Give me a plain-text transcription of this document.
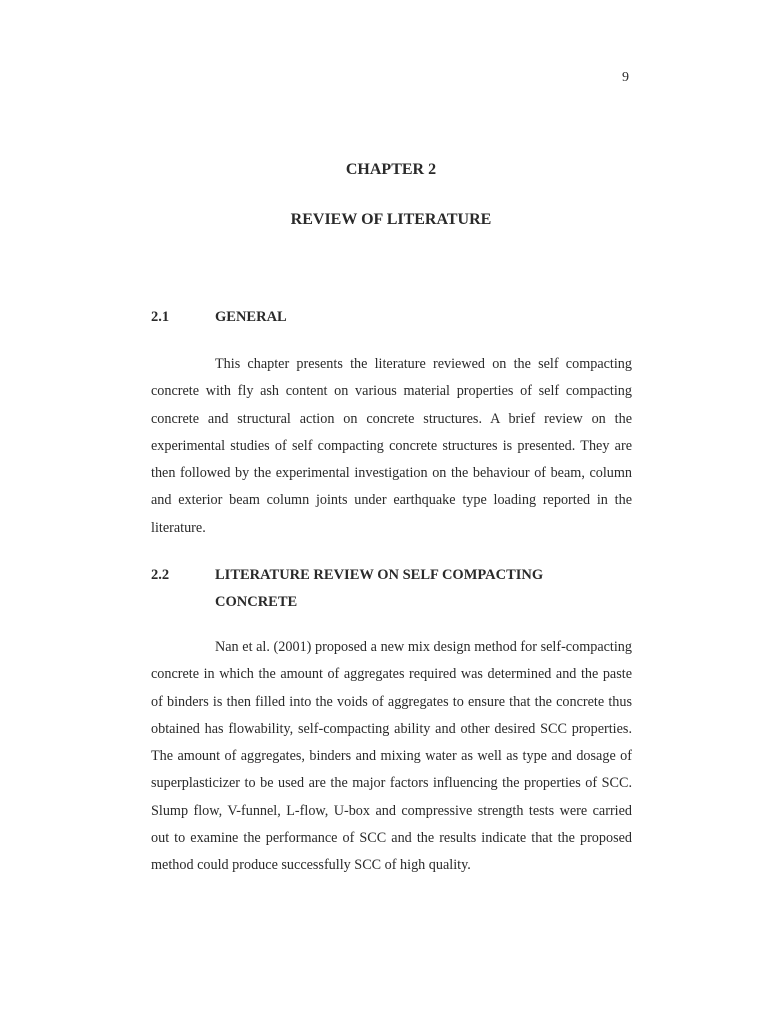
9
CHAPTER 2
REVIEW OF LITERATURE
2.1	GENERAL

This chapter presents the literature reviewed on the self compacting concrete with fly ash content on various material properties of self compacting concrete and structural action on concrete structures. A brief review on the experimental studies of self compacting concrete structures is presented. They are then followed by the experimental investigation on the behaviour of beam, column and exterior beam column joints under earthquake type loading reported in the literature.

2.2	LITERATURE REVIEW ON SELF COMPACTING CONCRETE

Nan et al. (2001) proposed a new mix design method for self-compacting concrete in which the amount of aggregates required was determined and the paste of binders is then filled into the voids of aggregates to ensure that the concrete thus obtained has flowability, self-compacting ability and other desired SCC properties. The amount of aggregates, binders and mixing water as well as type and dosage of superplasticizer to be used are the major factors influencing the properties of SCC. Slump flow, V-funnel, L-flow, U-box and compressive strength tests were carried out to examine the performance of SCC and the results indicate that the proposed method could produce successfully SCC of high quality.
